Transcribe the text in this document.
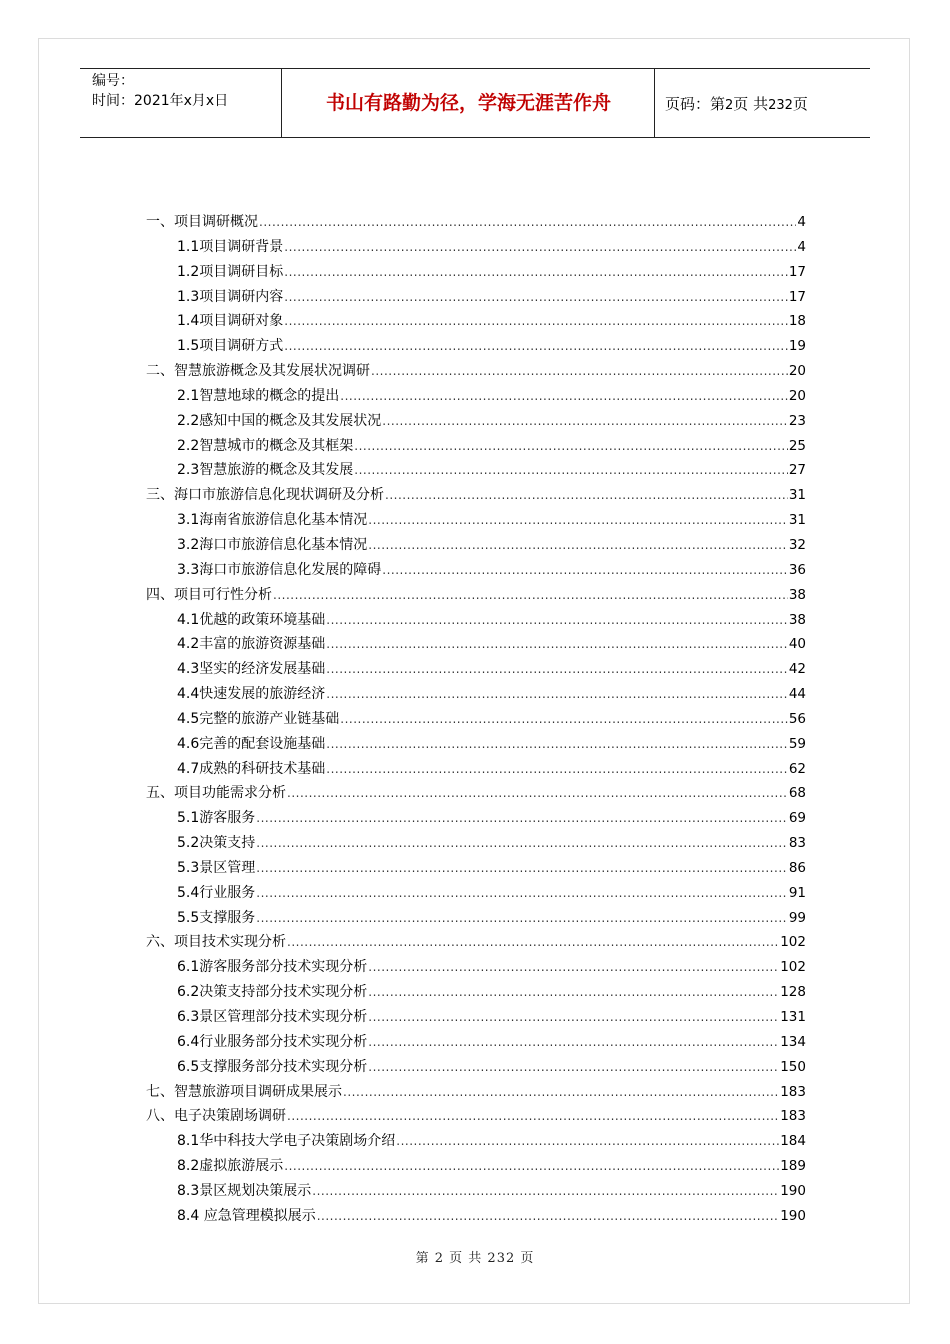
编号：
时间：2021年x月x日	书山有路勤为径，学海无涯苦作舟	页码：第2页 共232页
一、项目调研概况 .....	4
1.1项目调研背景 .....	4
1.2项目调研目标 .....	17
1.3项目调研内容 .....	17
1.4项目调研对象 .....	18
1.5项目调研方式 .....	19
二、智慧旅游概念及其发展状况调研 .....	20
2.1智慧地球的概念的提出 .....	20
2.2感知中国的概念及其发展状况 .....	23
2.2智慧城市的概念及其框架 .....	25
2.3智慧旅游的概念及其发展 .....	27
三、海口市旅游信息化现状调研及分析 .....	31
3.1海南省旅游信息化基本情况 .....	31
3.2海口市旅游信息化基本情况 .....	32
3.3海口市旅游信息化发展的障碍 .....	36
四、项目可行性分析 .....	38
4.1优越的政策环境基础 .....	38
4.2丰富的旅游资源基础 .....	40
4.3坚实的经济发展基础 .....	42
4.4快速发展的旅游经济 .....	44
4.5完整的旅游产业链基础 .....	56
4.6完善的配套设施基础 .....	59
4.7成熟的科研技术基础 .....	62
五、项目功能需求分析 .....	68
5.1游客服务 .....	69
5.2决策支持 .....	83
5.3景区管理 .....	86
5.4行业服务 .....	91
5.5支撑服务 .....	99
六、项目技术实现分析 .....	102
6.1游客服务部分技术实现分析 .....	102
6.2决策支持部分技术实现分析 .....	128
6.3景区管理部分技术实现分析 .....	131
6.4行业服务部分技术实现分析 .....	134
6.5支撑服务部分技术实现分析 .....	150
七、智慧旅游项目调研成果展示 .....	183
八、电子决策剧场调研 .....	183
8.1华中科技大学电子决策剧场介绍 .....	184
8.2虚拟旅游展示 .....	189
8.3景区规划决策展示 .....	190
8.4 应急管理模拟展示 .....	190
第 2 页 共 232 页
